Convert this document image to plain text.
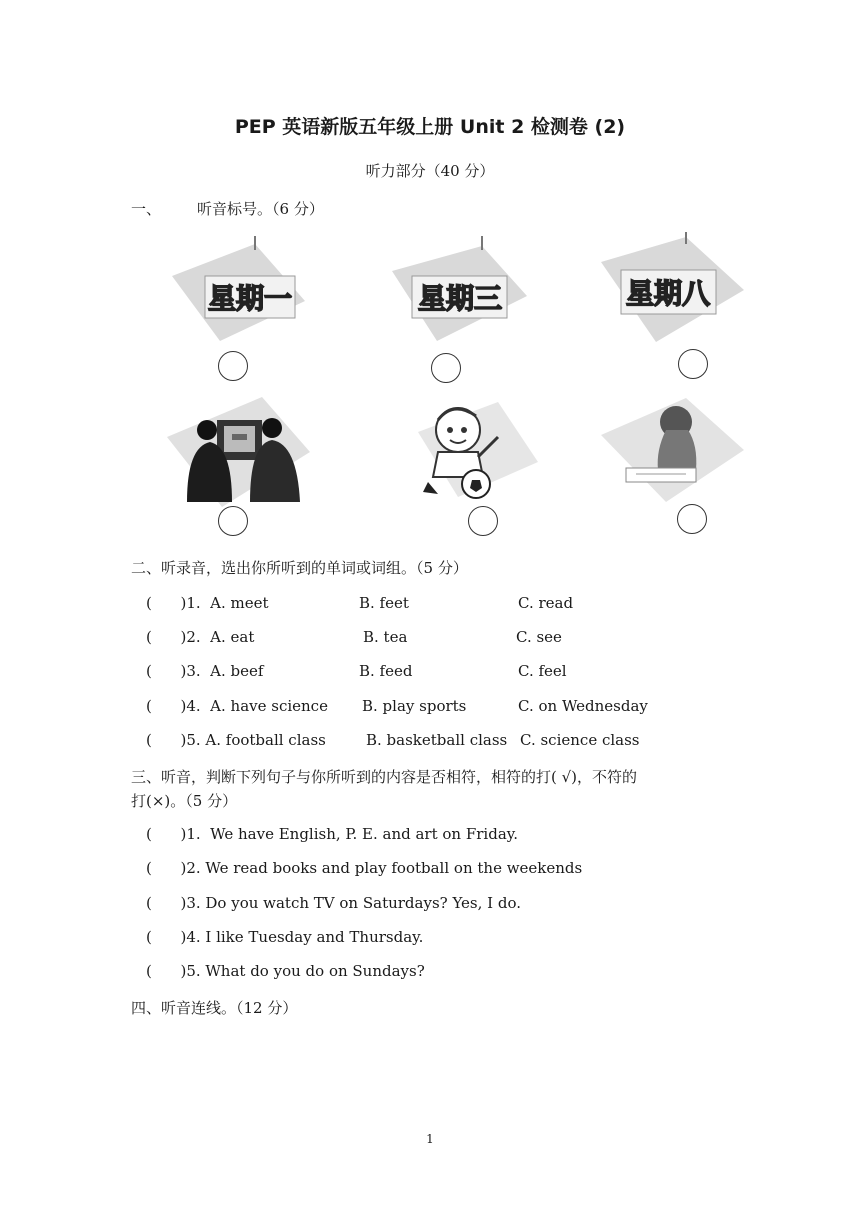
PEP 英语新版五年级上册 Unit 2 检测卷 (2)
听力部分（40 分）
一、 听音标号。（6 分）
星期一	星期三	星期八
二、听录音，选出你所听到的单词或词组。（5 分）
(      )1.  A. meet	B. feet	C. read
(      )2.  A. eat	B. tea	C. see
(      )3.  A. beef	B. feed	C. feel
(      )4.  A. have science B. play sports	C. on Wednesday
(      )5. A. football class	B. basketball class C. science class
三、听音，判断下列句子与你所听到的内容是否相符，相符的打( √)，不符的
打(×)。（5 分）
(      )1.  We have English, P. E. and art on Friday.
(      )2. We read books and play football on the weekends
(      )3. Do you watch TV on Saturdays? Yes, I do.
(      )4. I like Tuesday and Thursday.
(      )5. What do you do on Sundays?
四、听音连线。（12 分）
1
